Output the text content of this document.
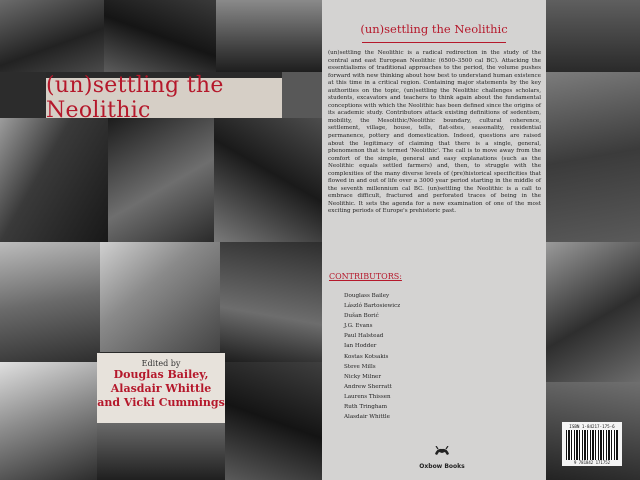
(un)settling the Neolithic
Edited by
Douglas Bailey,
Alasdair Whittle
and Vicki Cummings
(un)settling the Neolithic
(un)settling the Neolithic is a radical redirection in the study of the central and east European Neolithic (6500–3500 cal BC). Attacking the essentialisms of traditional approaches to the period, the volume pushes forward with new thinking about how best to understand human existence at this time in a critical region. Containing major statements by the key authorities on the topic, (un)settling the Neolithic challenges scholars, students, excavators and teachers to think again about the fundamental conceptions with which the Neolithic has been defined since the origins of its academic study. Contributors attack existing definitions of sedentism, mobility, the Mesolithic/Neolithic boundary, cultural coherence, settlement, village, house, tells, flat-sites, seasonality, residential permanence, pottery and domestication. Indeed, questions are raised about the legitimacy of claiming that there is a single, general, phenomenon that is termed 'Neolithic'. The call is to move away from the comfort of the simple, general and easy explanations (such as the Neolithic equals settled farmers) and, then, to struggle with the complexities of the many diverse levels of (pre)historical specificities that flowed in and out of life over a 3000 year period starting in the middle of the seventh millennium cal BC. (un)settling the Neolithic is a call to embrace difficult, fractured and perforated traces of being in the Neolithic. It sets the agenda for a new examination of one of the most exciting periods of Europe's prehistoric past.
CONTRIBUTORS:
Douglass Bailey
László Bartosiewicz
Dušan Borić
J.G. Evans
Paul Halstead
Ian Hodder
Kostas Kotsakis
Steve Mills
Nicky Milner
Andrew Sherratt
Laurens Thissen
Ruth Tringham
Alasdair Whittle
Oxbow Books
ISBN 1-84217-175-6
9 781842 171752
